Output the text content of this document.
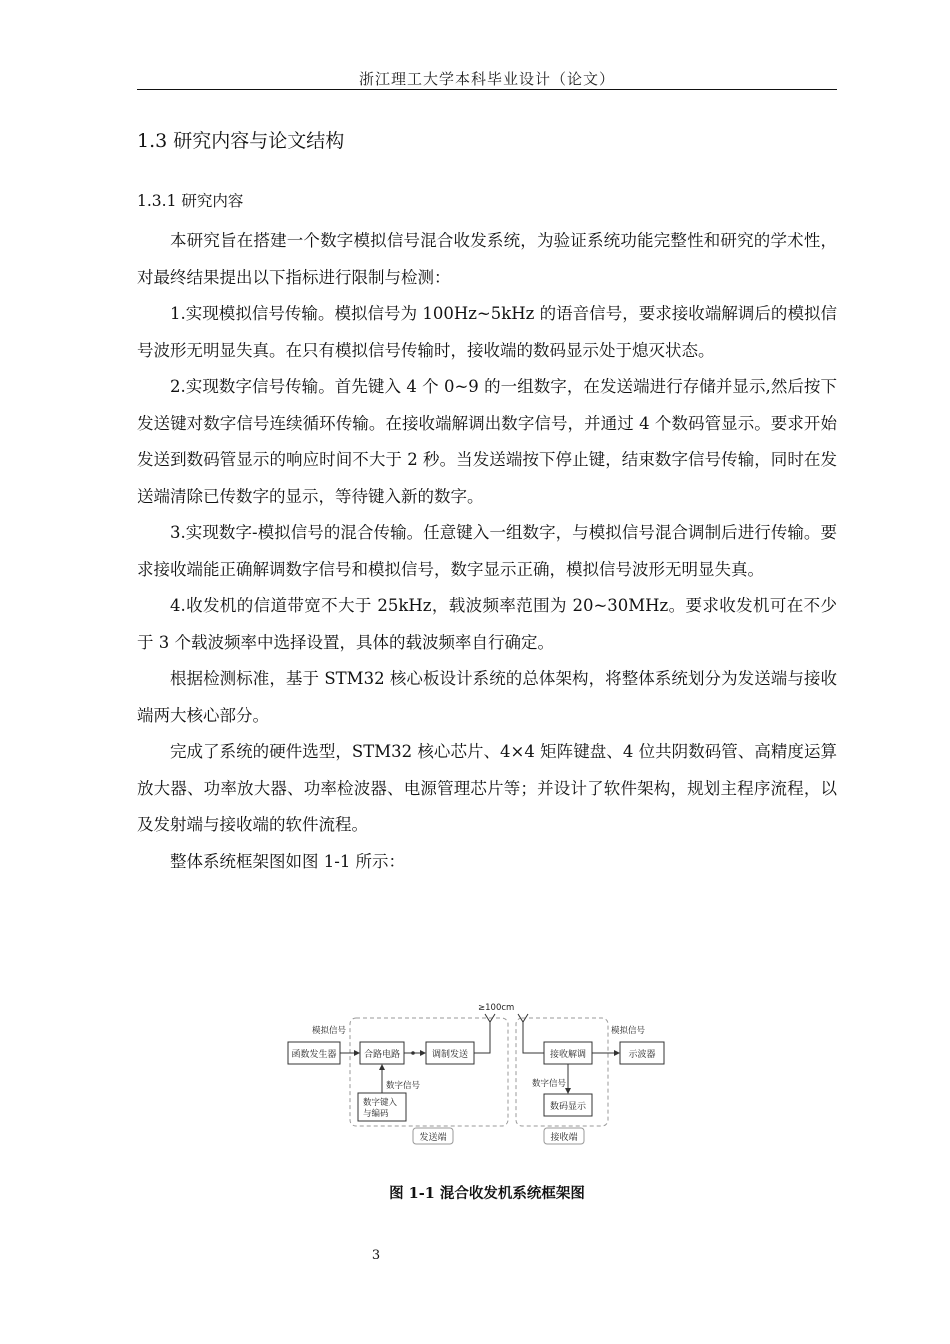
浙江理工大学本科毕业设计（论文）
1.3 研究内容与论文结构
1.3.1 研究内容

本研究旨在搭建一个数字模拟信号混合收发系统，为验证系统功能完整性和研究的学术性，对最终结果提出以下指标进行限制与检测：

1.实现模拟信号传输。模拟信号为 100Hz~5kHz 的语音信号，要求接收端解调后的模拟信号波形无明显失真。在只有模拟信号传输时，接收端的数码显示处于熄灭状态。

2.实现数字信号传输。首先键入 4 个 0~9 的一组数字，在发送端进行存储并显示,然后按下发送键对数字信号连续循环传输。在接收端解调出数字信号，并通过 4 个数码管显示。要求开始发送到数码管显示的响应时间不大于 2 秒。当发送端按下停止键，结束数字信号传输，同时在发送端清除已传数字的显示，等待键入新的数字。

3.实现数字-模拟信号的混合传输。任意键入一组数字，与模拟信号混合调制后进行传输。要求接收端能正确解调数字信号和模拟信号，数字显示正确，模拟信号波形无明显失真。

4.收发机的信道带宽不大于 25kHz，载波频率范围为 20~30MHz。要求收发机可在不少于 3 个载波频率中选择设置，具体的载波频率自行确定。

根据检测标准，基于 STM32 核心板设计系统的总体架构，将整体系统划分为发送端与接收端两大核心部分。

完成了系统的硬件选型，STM32 核心芯片、4×4 矩阵键盘、4 位共阴数码管、高精度运算放大器、功率放大器、功率检波器、电源管理芯片等；并设计了软件架构，规划主程序流程，以及发射端与接收端的软件流程。

整体系统框架图如图 1-1 所示：

≥100cm
模拟信号
函数发生器	合路电路	调制发送
数字信号
数字键入
与编码
发送端	接收端
接收解调
模拟信号
示波器
数字信号
数码显示
图 1-1 混合收发机系统框架图
3
